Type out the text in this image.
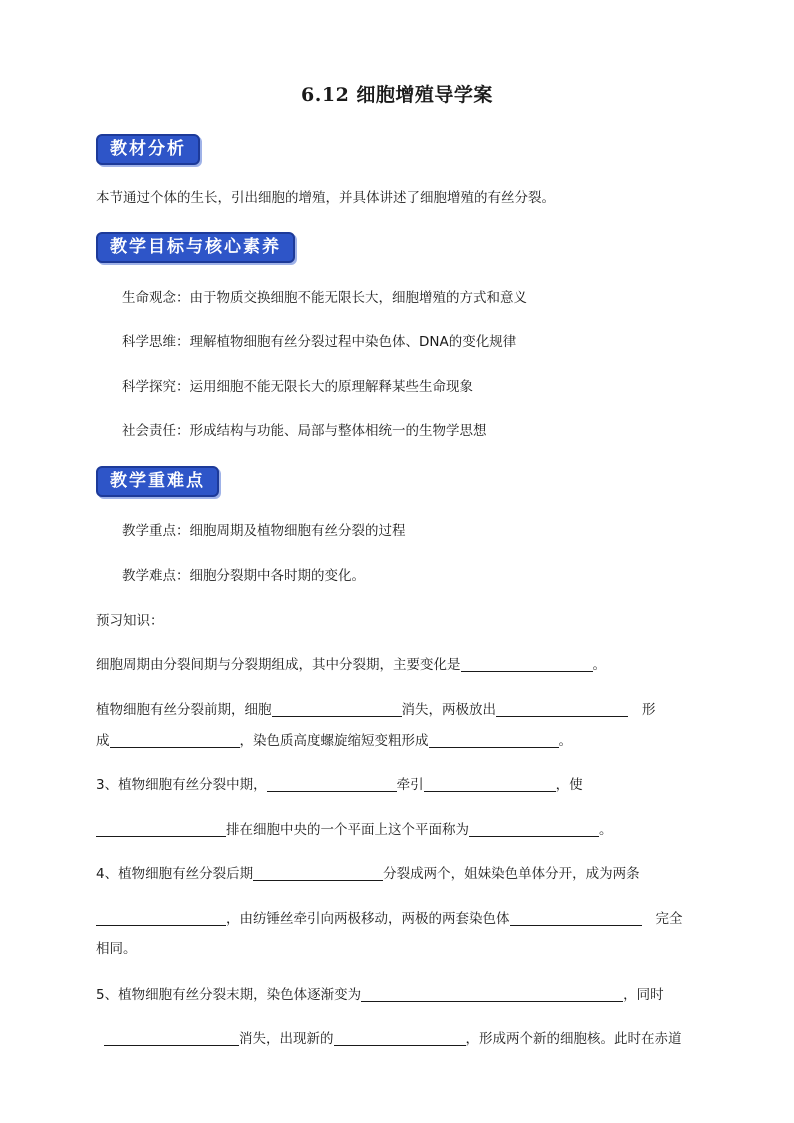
6.12 细胞增殖导学案
教材分析
本节通过个体的生长，引出细胞的增殖，并具体讲述了细胞增殖的有丝分裂。
教学目标与核心素养
生命观念：由于物质交换细胞不能无限长大，细胞增殖的方式和意义
科学思维：理解植物细胞有丝分裂过程中染色体、DNA的变化规律
科学探究：运用细胞不能无限长大的原理解释某些生命现象
社会责任：形成结构与功能、局部与整体相统一的生物学思想
教学重难点
教学重点：细胞周期及植物细胞有丝分裂的过程
教学难点：细胞分裂期中各时期的变化。
预习知识：
细胞周期由分裂间期与分裂期组成，其中分裂期，主要变化是	。
植物细胞有丝分裂前期，细胞	消失，两极放出	形
成	，染色质高度螺旋缩短变粗形成	。
3、植物细胞有丝分裂中期，	牵引	，使
排在细胞中央的一个平面上这个平面称为	。
4、植物细胞有丝分裂后期	分裂成两个，姐妹染色单体分开，成为两条
，由纺锤丝牵引向两极移动，两极的两套染色体	完全
相同。
5、植物细胞有丝分裂末期，染色体逐渐变为	，同时
消失，出现新的	，形成两个新的细胞核。此时在赤道
